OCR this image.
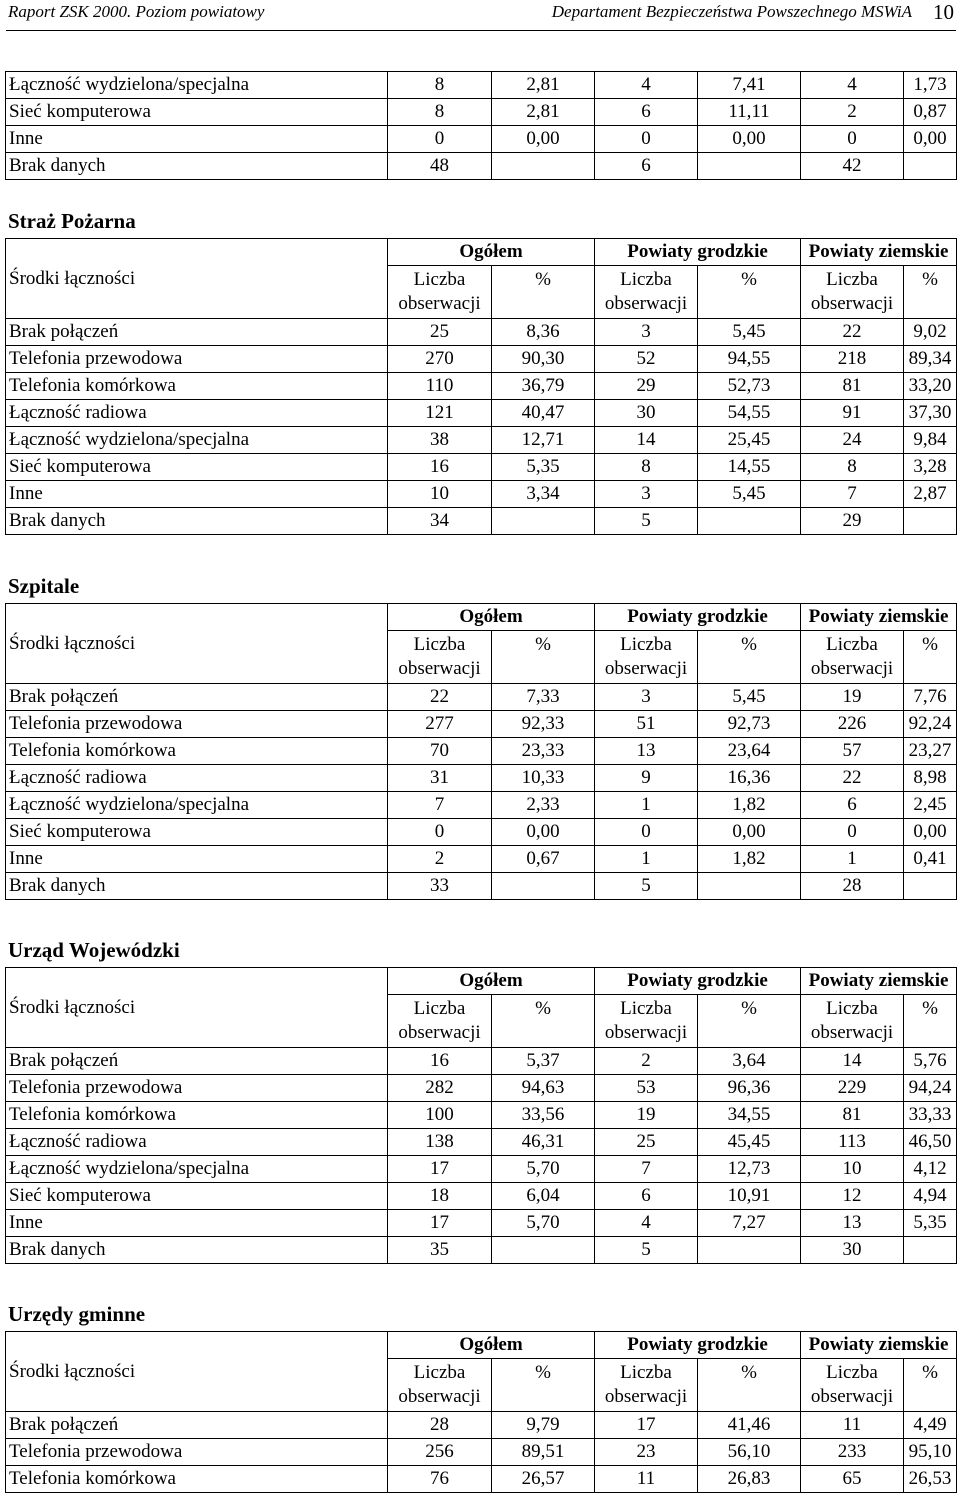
Raport ZSK 2000. Poziom powiatowy	Departament Bezpieczeństwa Powszechnego MSWiA 10
Łączność wydzielona/specjalna	8	2,81	4	7,41	4	1,73
Sieć komputerowa	8	2,81	6	11,11	2	0,87
Inne	0	0,00	0	0,00	0	0,00
Brak danych	48		6		42	
Straż Pożarna
Środki łączności	Ogółem		Powiaty grodzkie		Powiaty ziemskie	
	Liczba obserwacji	%	Liczba obserwacji	%	Liczba obserwacji	%
Brak połączeń	25	8,36	3	5,45	22	9,02
Telefonia przewodowa	270	90,30	52	94,55	218	89,34
Telefonia komórkowa	110	36,79	29	52,73	81	33,20
Łączność radiowa	121	40,47	30	54,55	91	37,30
Łączność wydzielona/specjalna	38	12,71	14	25,45	24	9,84
Sieć komputerowa	16	5,35	8	14,55	8	3,28
Inne	10	3,34	3	5,45	7	2,87
Brak danych	34		5		29	
Szpitale
Środki łączności	Ogółem		Powiaty grodzkie		Powiaty ziemskie	
	Liczba obserwacji	%	Liczba obserwacji	%	Liczba obserwacji	%
Brak połączeń	22	7,33	3	5,45	19	7,76
Telefonia przewodowa	277	92,33	51	92,73	226	92,24
Telefonia komórkowa	70	23,33	13	23,64	57	23,27
Łączność radiowa	31	10,33	9	16,36	22	8,98
Łączność wydzielona/specjalna	7	2,33	1	1,82	6	2,45
Sieć komputerowa	0	0,00	0	0,00	0	0,00
Inne	2	0,67	1	1,82	1	0,41
Brak danych	33		5		28	
Urząd Wojewódzki
Środki łączności	Ogółem		Powiaty grodzkie		Powiaty ziemskie	
	Liczba obserwacji	%	Liczba obserwacji	%	Liczba obserwacji	%
Brak połączeń	16	5,37	2	3,64	14	5,76
Telefonia przewodowa	282	94,63	53	96,36	229	94,24
Telefonia komórkowa	100	33,56	19	34,55	81	33,33
Łączność radiowa	138	46,31	25	45,45	113	46,50
Łączność wydzielona/specjalna	17	5,70	7	12,73	10	4,12
Sieć komputerowa	18	6,04	6	10,91	12	4,94
Inne	17	5,70	4	7,27	13	5,35
Brak danych	35		5		30	
Urzędy gminne
Środki łączności	Ogółem		Powiaty grodzkie		Powiaty ziemskie	
	Liczba obserwacji	%	Liczba obserwacji	%	Liczba obserwacji	%
Brak połączeń	28	9,79	17	41,46	11	4,49
Telefonia przewodowa	256	89,51	23	56,10	233	95,10
Telefonia komórkowa	76	26,57	11	26,83	65	26,53
